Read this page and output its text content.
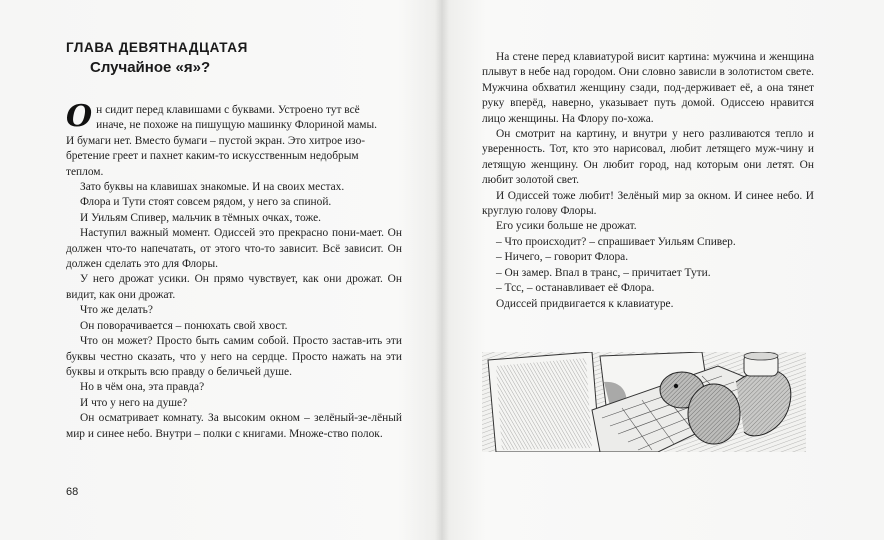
ГЛАВА ДЕВЯТНАДЦАТАЯ
Случайное «я»?

О н сидит перед клавишами с буквами. Устроено тут всё
иначе, не похоже на пишущую машинку Флориной мамы.
И бумаги нет. Вместо бумаги – пустой экран. Это хитрое изо-
бретение греет и пахнет каким-то искусственным недобрым
теплом.

Зато буквы на клавишах знакомые. И на своих местах.

Флора и Тути стоят совсем рядом, у него за спиной.

И Уильям Спивер, мальчик в тёмных очках, тоже.

Наступил важный момент. Одиссей это прекрасно пони-мает. Он должен что-то напечатать, от этого что-то зависит. Всё зависит. Он должен сделать это для Флоры.

У него дрожат усики. Он прямо чувствует, как они дрожат. Он видит, как они дрожат.

Что же делать?

Он поворачивается – понюхать свой хвост.

Что он может? Просто быть самим собой. Просто застав-ить эти буквы честно сказать, что у него на сердце. Просто нажать на эти буквы и открыть всю правду о беличьей душе.

Но в чём она, эта правда?

И что у него на душе?

Он осматривает комнату. За высоким окном – зелёный-зе-лёный мир и синее небо. Внутри – полки с книгами. Множе-ство полок.

68

На стене перед клавиатурой висит картина: мужчина и женщина плывут в небе над городом. Они словно зависли в золотистом свете. Мужчина обхватил женщину сзади, под-держивает её, а она тянет руку вперёд, наверно, указывает путь домой. Одиссею нравится лицо женщины. На Флору по-хожа.

Он смотрит на картину, и внутри у него разливаются тепло и уверенность. Тот, кто это нарисовал, любит летящего муж-чину и летящую женщину. Он любит город, над которым они летят. Он любит золотой свет.

И Одиссей тоже любит! Зелёный мир за окном. И синее небо. И круглую голову Флоры.

Его усики больше не дрожат.

– Что происходит? – спрашивает Уильям Спивер.

– Ничего, – говорит Флора.

– Он замер. Впал в транс, – причитает Тути.

– Тсс, – останавливает её Флора.

Одиссей придвигается к клавиатуре.
